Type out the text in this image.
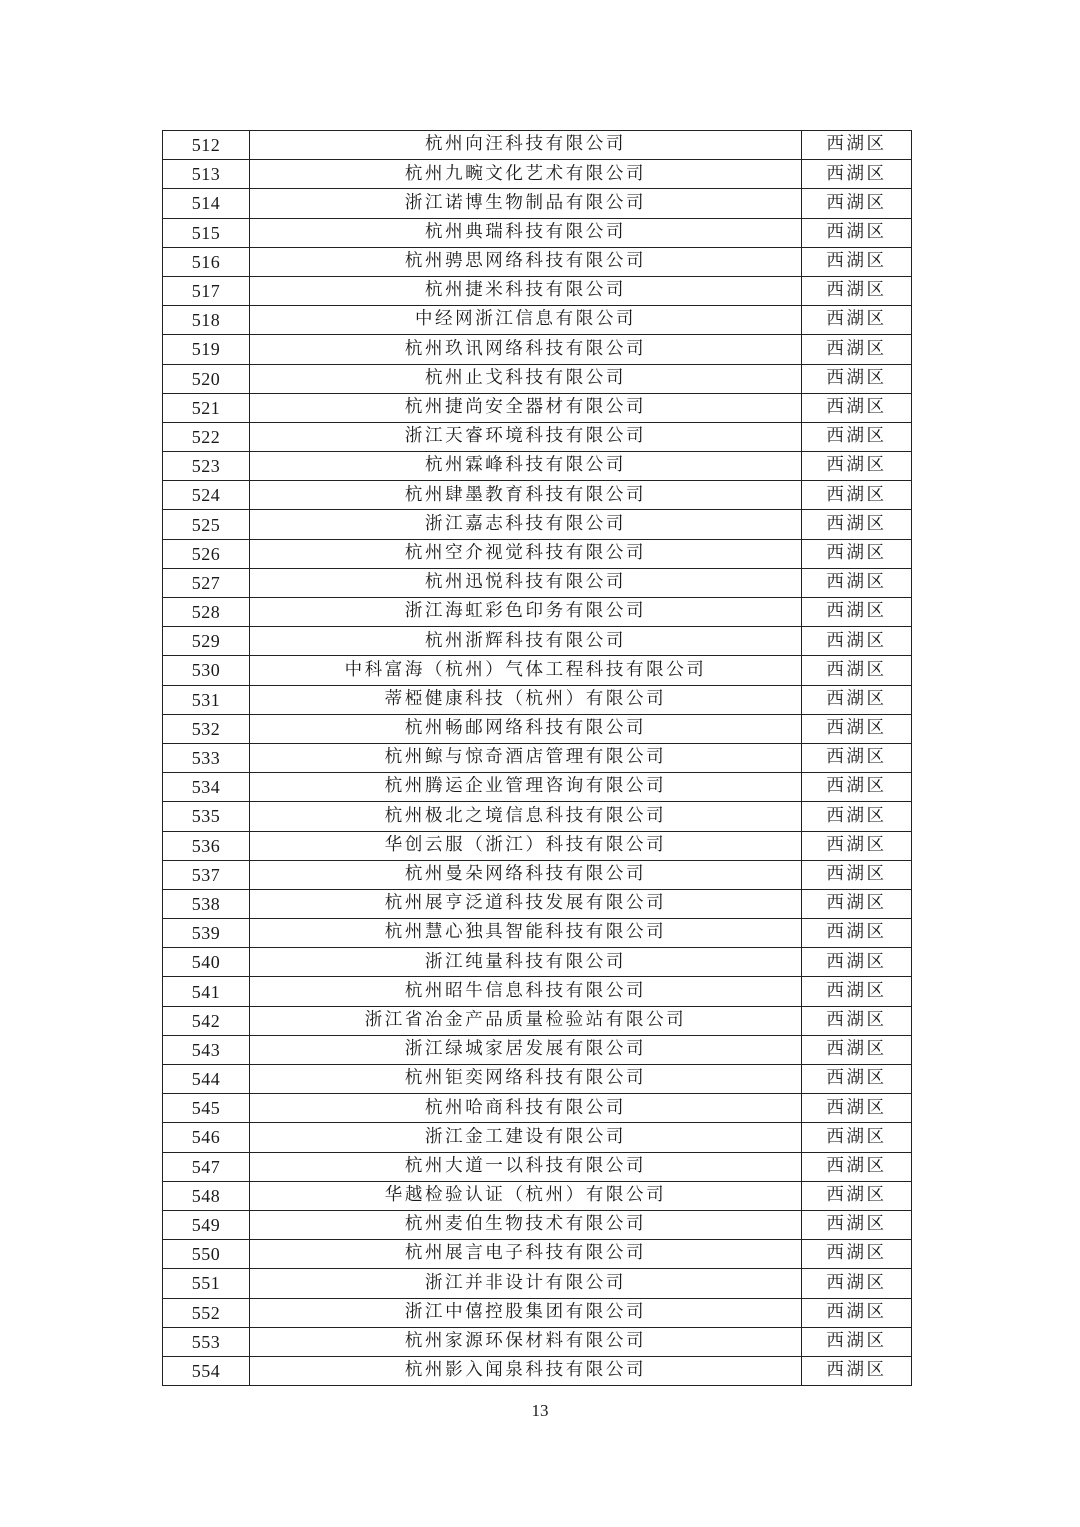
512	杭州向汪科技有限公司	西湖区
513	杭州九畹文化艺术有限公司	西湖区
514	浙江诺博生物制品有限公司	西湖区
515	杭州典瑞科技有限公司	西湖区
516	杭州骋思网络科技有限公司	西湖区
517	杭州捷米科技有限公司	西湖区
518	中经网浙江信息有限公司	西湖区
519	杭州玖讯网络科技有限公司	西湖区
520	杭州止戈科技有限公司	西湖区
521	杭州捷尚安全器材有限公司	西湖区
522	浙江天睿环境科技有限公司	西湖区
523	杭州霖峰科技有限公司	西湖区
524	杭州肆墨教育科技有限公司	西湖区
525	浙江嘉志科技有限公司	西湖区
526	杭州空介视觉科技有限公司	西湖区
527	杭州迅悦科技有限公司	西湖区
528	浙江海虹彩色印务有限公司	西湖区
529	杭州浙辉科技有限公司	西湖区
530	中科富海（杭州）气体工程科技有限公司	西湖区
531	蒂椏健康科技（杭州）有限公司	西湖区
532	杭州畅邮网络科技有限公司	西湖区
533	杭州鲸与惊奇酒店管理有限公司	西湖区
534	杭州腾运企业管理咨询有限公司	西湖区
535	杭州极北之境信息科技有限公司	西湖区
536	华创云服（浙江）科技有限公司	西湖区
537	杭州曼朵网络科技有限公司	西湖区
538	杭州展亨泛道科技发展有限公司	西湖区
539	杭州慧心独具智能科技有限公司	西湖区
540	浙江纯量科技有限公司	西湖区
541	杭州昭牛信息科技有限公司	西湖区
542	浙江省冶金产品质量检验站有限公司	西湖区
543	浙江绿城家居发展有限公司	西湖区
544	杭州钜奕网络科技有限公司	西湖区
545	杭州哈商科技有限公司	西湖区
546	浙江金工建设有限公司	西湖区
547	杭州大道一以科技有限公司	西湖区
548	华越检验认证（杭州）有限公司	西湖区
549	杭州麦伯生物技术有限公司	西湖区
550	杭州展言电子科技有限公司	西湖区
551	浙江并非设计有限公司	西湖区
552	浙江中僖控股集团有限公司	西湖区
553	杭州家源环保材料有限公司	西湖区
554	杭州影入闻泉科技有限公司	西湖区
13
